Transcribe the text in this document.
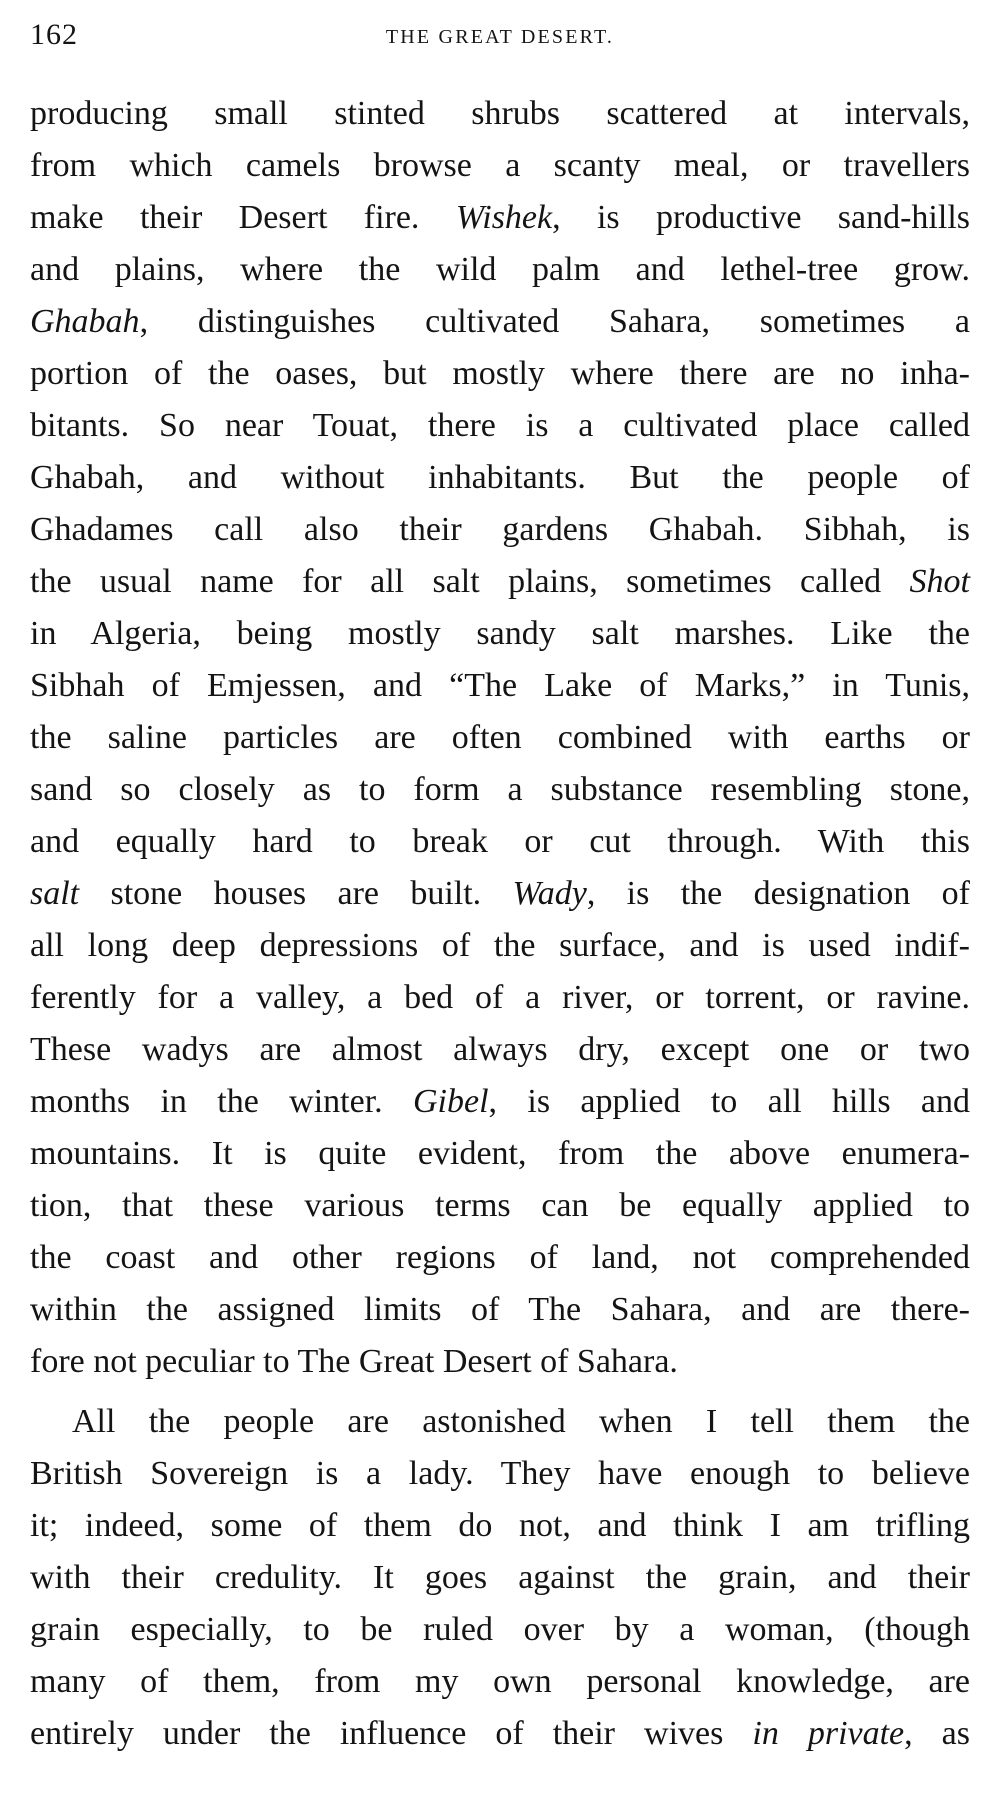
162	THE GREAT DESERT.
producing small stinted shrubs scattered at intervals,
from which camels browse a scanty meal, or travellers
make their Desert fire. Wishek, is productive sand-hills
and plains, where the wild palm and lethel-tree grow.
Ghabah, distinguishes cultivated Sahara, sometimes a
portion of the oases, but mostly where there are no inha-
bitants. So near Touat, there is a cultivated place called
Ghabah, and without inhabitants. But the people of
Ghadames call also their gardens Ghabah. Sibhah, is
the usual name for all salt plains, sometimes called Shot
in Algeria, being mostly sandy salt marshes. Like the
Sibhah of Emjessen, and “The Lake of Marks,” in Tunis,
the saline particles are often combined with earths or
sand so closely as to form a substance resembling stone,
and equally hard to break or cut through. With this
salt stone houses are built. Wady, is the designation of
all long deep depressions of the surface, and is used indif-
ferently for a valley, a bed of a river, or torrent, or ravine.
These wadys are almost always dry, except one or two
months in the winter. Gibel, is applied to all hills and
mountains. It is quite evident, from the above enumera-
tion, that these various terms can be equally applied to
the coast and other regions of land, not comprehended
within the assigned limits of The Sahara, and are there-
fore not peculiar to The Great Desert of Sahara.
All the people are astonished when I tell them the
British Sovereign is a lady. They have enough to believe
it; indeed, some of them do not, and think I am trifling
with their credulity. It goes against the grain, and their
grain especially, to be ruled over by a woman, (though
many of them, from my own personal knowledge, are
entirely under the influence of their wives in private, as
